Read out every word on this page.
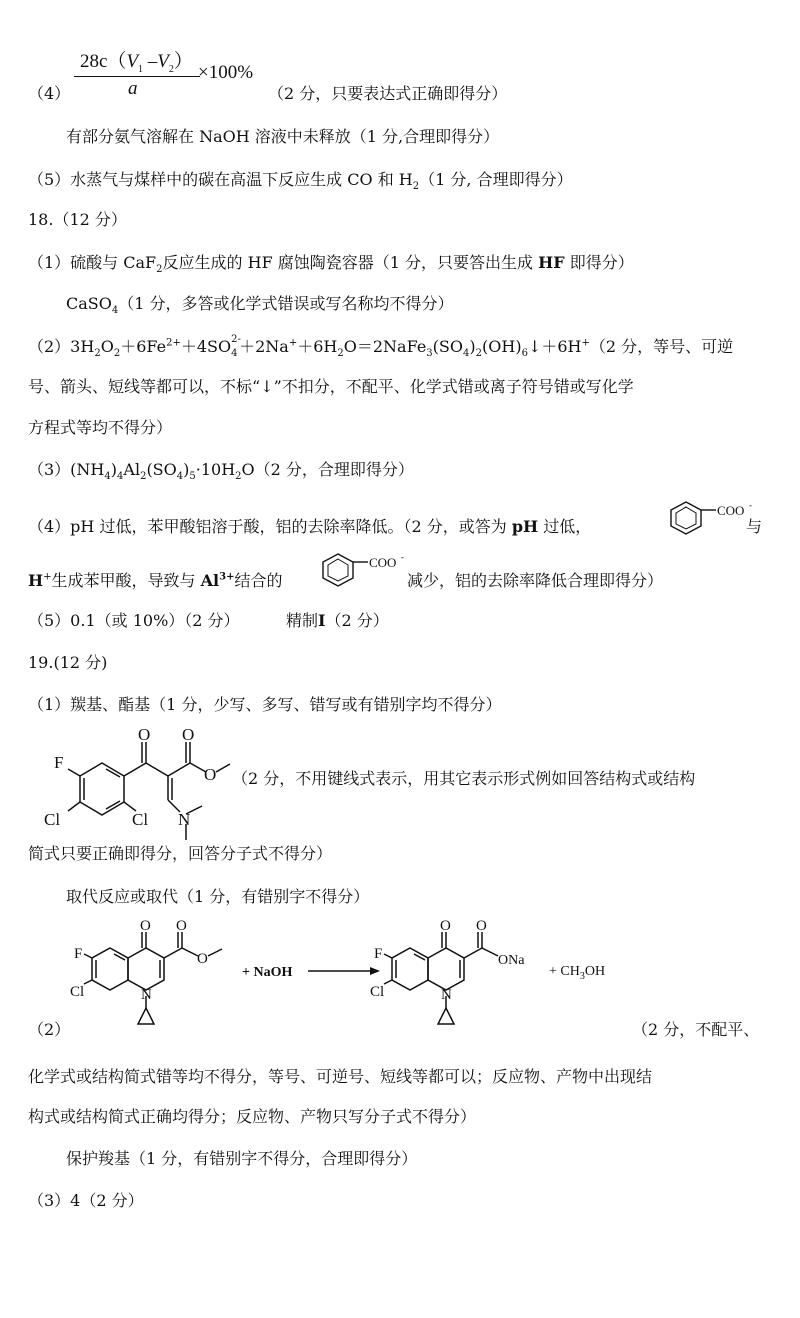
$28c(V_1$ $-V_2$）
a
×100%
（4）	（2 分，只要表达式正确即得分）
有部分氨气溶解在 NaOH 溶液中未释放（1 分,合理即得分）
（5）水蒸气与煤样中的碳在高温下反应生成 CO 和 $H_2(1$ 分, 合理即得分）
18.（12 分）
（1）硫酸与 CaF$_2$反应生成的 HF 腐蚀陶瓷容器（1 分，只要答出生成 HF 即得分）
CaSO$_4$（1 分，多答或化学式错误或写名称均不得分）
$(2)3H_2O_2+6Fe^{2+}+4SO$ 2-
$4 +2Na^++6H_2O=2NaFe_3(SO_4)_2(OH)_6↓+6H^+(2$ 分，等号、可逆
号、箭头、短线等都可以，不标“↓”不扣分，不配平、化学式错或离子符号错或写化学
方程式等均不得分）
$(3)(NH_4)_4Al_2(SO_4)_5\cdot 10H_2O(2$ 分，合理即得分）
（4）pH 过低，苯甲酸铝溶于酸，铝的去除率降低。（2 分，或答为 pH 过低，
COO -
与
H+生成苯甲酸，导致与 $Al^{3+}$结合的
COO -
减少，铝的去除率降低合理即得分）
（5）0.1（或 10%）（2 分）	精制I（2 分）
19.(12 分)
（1）羰基、酯基（1 分，少写、多写、错写或有错别字均不得分）
F
Cl	Cl
O O
O
N
（2 分，不用键线式表示，用其它表示形式例如回答结构式或结构
简式只要正确即得分，回答分子式不得分）
取代反应或取代（1 分，有错别字不得分）
F
Cl
O O
O
N
+ NaOH
F
Cl
O O
ONa
N
+ $CH_3OH$
（2）	（2 分，不配平、
化学式或结构简式错等均不得分，等号、可逆号、短线等都可以；反应物、产物中出现结
构式或结构简式正确均得分；反应物、产物只写分子式不得分）
保护羧基（1 分，有错别字不得分，合理即得分）
（3）4（2 分）
